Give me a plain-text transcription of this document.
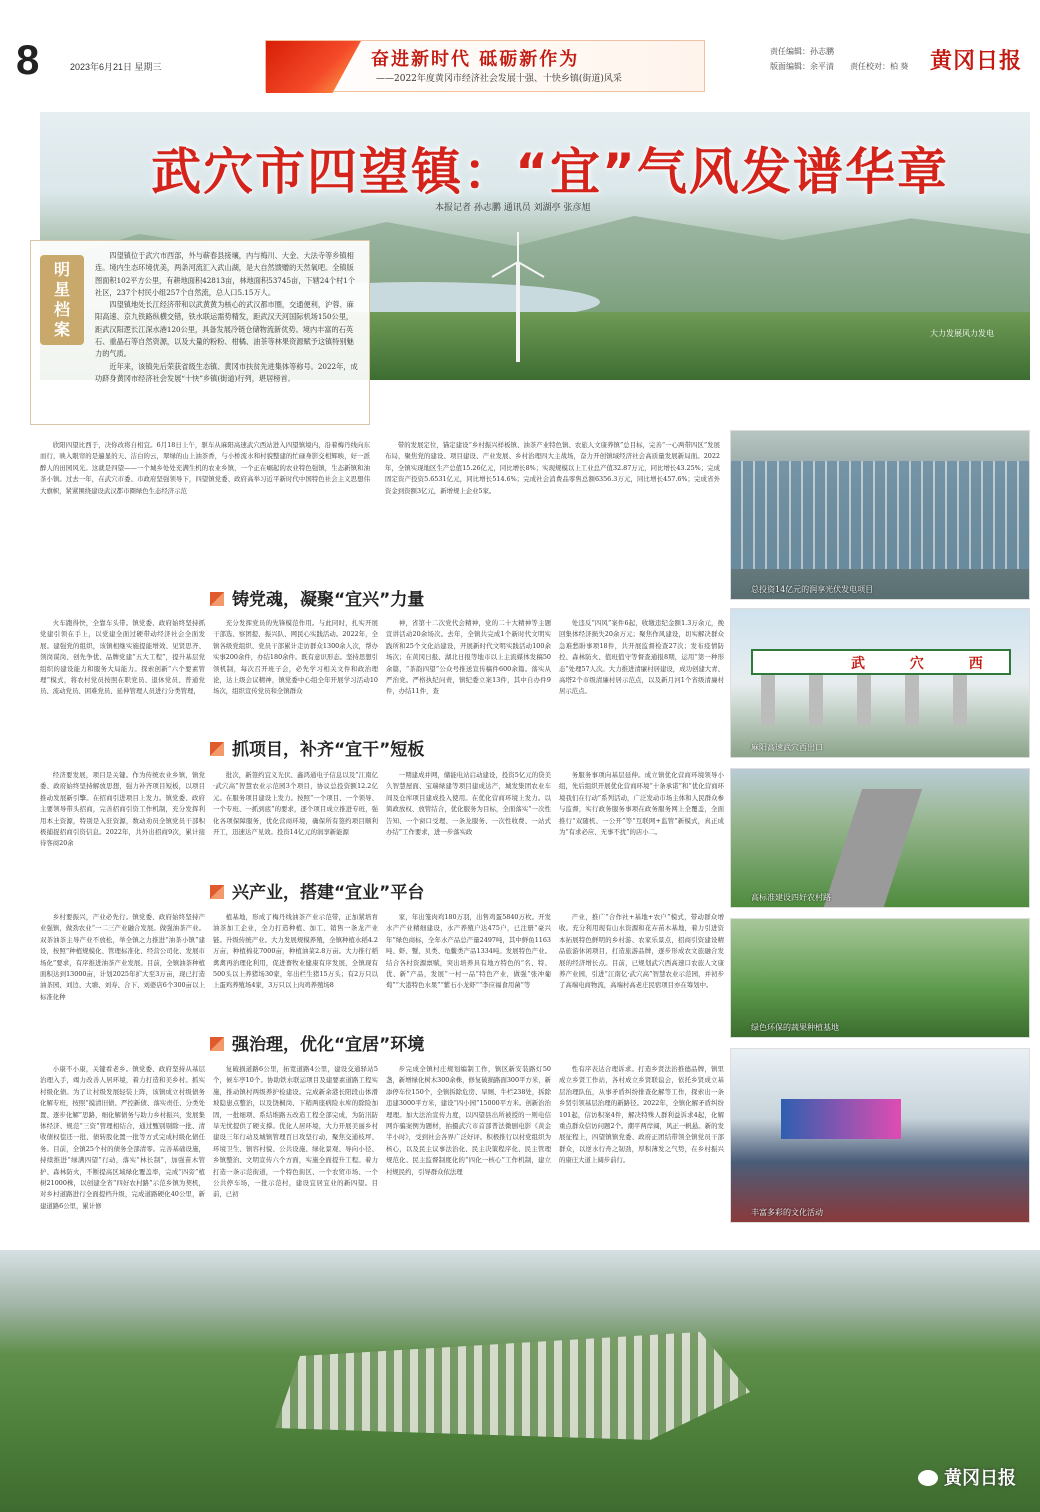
8	2023年6月21日 星期三	奋进新时代 砥砺新作为
——2022年度黄冈市经济社会发展十强、十快乡镇(街道)风采
责任编辑：孙志鹏
版面编辑：余平清 责任校对：柏 葵 黄冈日报
武穴市四望镇：“宜”气风发谱华章
本报记者 孙志鹏 通讯员 刘湖亭 张彦旭
大力发展风力发电
明
星
档
案

四望镇位于武穴市西部，外与蕲春县接壤，内与梅川、大金、大法寺等乡镇相连。境内生态环境优美，两条河流汇入武山湖，是大自然馈赠的天然氧吧。全镇版图面积102平方公里，有耕地面积42813亩，林地面积53745亩，下辖24个村1个社区，237个村民小组257个自然流，总人口5.15万人。

四望镇地处长江经济带和以武黄黄为核心的武汉都市圈，交通便利，沪蓉、麻阳高速、京九铁路纵横交错，铁水联运需势精发，距武汉天河国际机场150公里，距武汉阳逻长江深水港120公里，具备发展冷链仓储物流新优势。境内丰富的石英石、重晶石等自然资源，以及大量的粉粉、柑橘、油茶等林果资源赋予这镇特别魅力的气质。

近年来，该镇先后荣获省级生态镇、黄冈市扶贫先进集体等称号。2022年，成功跻身黄冈市经济社会发展“十快”乡镇(街道)行列，堪居榜首。

欣阳四望比西于，决你改将自相宜。6月18日上午，驱车从麻阳高速武穴西站进入四望镇境内，沿着梅丹线向东而行，映入眼帘的是遍显的天、洁白的云，翠绿的山上油茶香，与小桥流水和村貌整建的忙碌身影交相辉映，好一派醉人的田园风光。这就是四望——一个城乡处处充满生机的农业乡镇，一个正在崛起的农业特色强镇，生态新镇和油茶小镇。过去一年，在武穴市委、市政府坚强领导下，四望镇党委、政府高举习近平新时代中国特色社会主义思想伟大旗帜，紧紧围绕建设武汉都市圈绿色生态经济示范
带的发展定位，锚定建设“乡村振兴样板镇、油茶产业特色镇、农旅人文康养镇”总目标，完善“一心两带四区”发展布局，聚焦党的建设、项目建设、产业发展、乡村治理四大主战场，奋力开创镇域经济社会高质量发展新局面。2022年，全镇实现地区生产总值15.26亿元，同比增长8%；实现规模以上工业总产值32.87万元，同比增长43.25%；完成固定资产投资5.6531亿元，同比增长514.6%；完成社会消费品零售总额6356.3万元，同比增长457.6%；完成省外资金到资额3亿元，新增规上企业5家。
铸党魂，凝聚“宜兴”力量
火车跑得快，全靠车头带。镇党委、政府始终坚持抓党建引领在手上，以党建全面过硬带动经济社会全面发展。建强党的组织，该镇相继实施提能增效、见贤思齐、领岗谋岗、创先争优、品牌党建“五大工程”，提升基层党组织的建设能力和服务大局能力。探索创新“六个要素管理”模式，将农村党员按照在职党员、退休党员、普通党员、流动党员、困难党员、延伸管理人员进行分类管理，
充分发挥党员的先锋模范作用。与此同时，扎实开展干部选、察团提、振兴队、网民心实践活动。2022年，全镇各级党组织、党员干部累计走访群众1300余人次，帮办实事200余件，办结180余件。既有意识形态。坚持思想引领机制，每次召开班子会，必先学习相关文件和政治理论，达上级会议精神，镇党委中心组全年开展学习活动10场次，组织宣传党员和全镇群众
神，省第十二次党代会精神，党的二十大精神等主题宣讲活动20余场次。去年，全镇共完成1个新时代文明实践所和25个文化站建设，开展新时代文明实践活动100余场次；在黄冈日报、湖北日报等地市以上主流媒体发稿50余篇，“茶韵四望”公众号推送宣传稿件600余篇。落实从严治党。严格执纪问责，镇纪委立案13件，其中自办件9件，办结11件，查
处违反“四风”案件6起，收缴违纪金额1.3万余元，挽回集体经济损失20余万元；聚焦作风建设，切实解决群众急难愁盼事项18件，共开展监督检查27次；发布疫情防控、森林防火、值班值守等督查通报8期，运用“第一种形态”处理57人次。大力推进清廉村居建设，成功创建大青、高塔2个市级清廉村居示范点，以及新月河1个省级清廉村居示范点。
抓项目，补齐“宜干”短板
经济要发展，项目是关键。作为传统农业乡镇，镇党委、政府始终坚持解放思想，强力补齐项目短板，以项目推动发展新引擎。在招商引进项目上发力。镇党委、政府主要领导带头招商，完善招商引资工作机制，充分发挥利用本土资源，特别是入驻资源，数动劝员全镇党员干部积极捕捉招商引资信息。2022年，共外出招商9次，累计接待客商20余
批次，新签约宜义光伏、鑫鸿通电子信息以及“江南亿·武穴高”智慧农业示范园3个项目，协议总投资额12.2亿元。在服务项目建设上发力。按照“一个项目、一个领导、一个专班、一抓到底”的要求，逐个项目成立推进专班，强化各项保障服务，优化营商环境，确保所有签约项目顺利开工，迅速达产见效。投资14亿元的润享新能源
一期建成并网，储能电站启动建设，投资5亿元的贷美久智慧屋面、宝瑞绿建等项目建成达产，城发集团农业车间及仓库项目建成投入使用。在优化营商环境上发力。以简政放权、放管结合，优化服务为目标，全面落实“一次性告知、一个窗口受理、一条龙服务、一次性收费、一站式办结”工作要求，进一步落实政
务服务事项向基层延伸。成立镇优化营商环境领导小组，先后组织开展优化营商环境“十条承诺”和“优化营商环境我们在行动”系列活动，广泛发动市场主体和人民群众参与监督，实行政务服务事项在政务服务网上全覆盖，全面推行“双随机、一公开”等“互联网+监管”新模式，真正成为“有求必应、无事不扰”的店小二。
兴产业，搭建“宜业”平台
乡村要振兴，产业必先行。镇党委、政府始终坚持产业强镇，做劲农业“一二三产业融合发展。做强油茶产业。双茶油茶主导产业不放松，举全镇之力推进“油茶小镇”建设，按照“种植规模化、管理标准化、经营公司化、发展市场化”要求，有序推进油茶产业发展。目前，全镇油茶种植面积达到13000亩，计划2025年扩大至3万亩，现已打造油茶园、刘边、大塘、刘寿、合下、刘婆店6个300亩以上标准化种
植基地，形成了梅丹线油茶产业示范带，正加紧培育油茶加工企业，全力打造种植、加工、销售一条龙产业链。升级传统产业。大力发展规模养殖，全镇种植水稻4.2万亩，种植棉花7000亩，种植油菜2.8万亩。大力推行稻禽禽再治理化利用，促进畜牧业健康有序发展，全镇现有500头以上养猪场30家，年出栏生猪15万头；有2万只以上蛋鸡养殖场4家，3万只以上肉鸡养殖场8
家，年出笼肉鸡180万羽，出售鸡蛋5840万枚。开发水产产业精细建设，水产养殖户达475户，已注册“豪兴年”绿色商标，全年水产品总产量2497吨，其中鲜鱼1163吨、虾、蟹、贝类、龟鳖类产品1334吨。发展特色产业。结合各村资源禀赋，突出培养具有地方特色的“名、特、优、新”产品，发展“一村一品”特色产业，做强“张冲葡萄”“大港特色水果”“紫石小龙虾”“李应福食用菌”等
产业，推广“合作社+基地+农户”模式，带动群众增收。充分利用现有山水资源和花卉苗木基地，着力引进资本拓展特色鲜明的乡村游、农家乐景点，招商引资建设精品旅游休闲项目，打造旅游品牌，逐步形成农文旅融合发展的经济增长点。目前，已规划武穴西高速口农旅人文康养产业园，引进“江南亿·武穴高”智慧农业示范园，并初步了高端电商物流，高端村高老庄民宿项目亦在筹划中。
强治理，优化“宜居”环境
小康不小康，关键看老乡。镇党委、政府坚持从基层治理入手，竭力改善人居环境，着力打造和美乡村。抓实村级化债。为了让村级发展轻装上阵，该镇成立村级债务化解专班，按照“摸清旧债、严控新债、落实责任、分类处置、逐步化解”思路，细化解债务与助力乡村振兴，发展集体经济、规范“三资”管理相结合，通过甄别剔除一批、清收债权偿还一批、债转股化置一批等方式完成村级化债任务。目前，全镇25个村的债务全部清零。完善基础设施，持续推进“绿满四望”行动，落实“林长制”，加强苗木管护、森林防火，不断提高区域绿化覆盖率，完成“四旁”植树21000株，以创建全省“四好农村路”示范乡镇为契机，对乡村道路进行全面提档升级，完成道路硬化40公里，新建道路6公里，累计修
复破损道路6公里，拓宽道路4公里，建设交通驿站5个，候车亭10个。协助铁水联运项目及建要素道路工程实施，推动镇村两级养护检建设。完成新余港长阳段山体滑坡隐患点整治，以及饶桐岗、下稍两座病险水库的除险加固，一批细项、系结堆路五改造工程全部完成，为防汛防旱无忧提供了硬支撑。优化人居环境，大力开展美丽乡村建设三年行动及城镇管理百日攻坚行动，聚焦交通枝坪、环境卫生、镇容村貌、公共设施、绿化景观、导向小径、乡镇整治、文明宣传六个方面，实施全面提升工程。着力打造一条示范街道，一个特色街区、一个农贸市场、一个公共停车场，一批示范村，建设宜居宜业的新四望。目前，已初
步完成全镇村庄规划编制工作，镇区新安装路灯50盏，新增绿化树木300余株，修复破损路面300平方米，新添停车位150个，全镇拆除危房、旱厕、牛栏238处，拆除违建3000平方米，建设“四小园”15000平方米。创新治治理理。加大法治宣传力度，以四望县出所被授的一则电信网诈骗案例为题材，拍摄武穴市首部普法微剧电影《黄金半小时》，受到社会各界广泛好评。积极推行以村党组织为核心，以及民主议事法治化、民主决策程序化、民主管理规范化、民主监督制度化的“四化一核心”工作机制，建立村规民约，引导群众依法理
性有序表达合理诉求。打造乡贤法治推德品牌，镇里成立乡贤工作站，各村成立乡贤联谊会，依托乡贤成立基层治理队伍，从事矛盾纠纷排查化解等工作，探索出一条乡贤引领基层治理的新路径。2022年，全镇化解矛盾纠纷101起，信访积案4件，解决特殊人群利益诉求4起，化解重点群众信访问题2个。潮平两岸阔，风正一帆悬。新的发展征程上，四望镇镇党委、政府正团结带领全镇党员干部群众，以逆水行舟之韧劲，厚积薄发之气势，在乡村振兴的康庄大道上阔步前行。
总投资14亿元的润享光伏发电项目
武 穴 西
麻阳高速武穴西出口
高标准建设四好农村路
绿色环保的蔬果种植基地
丰富多彩的文化活动
黄冈日报
